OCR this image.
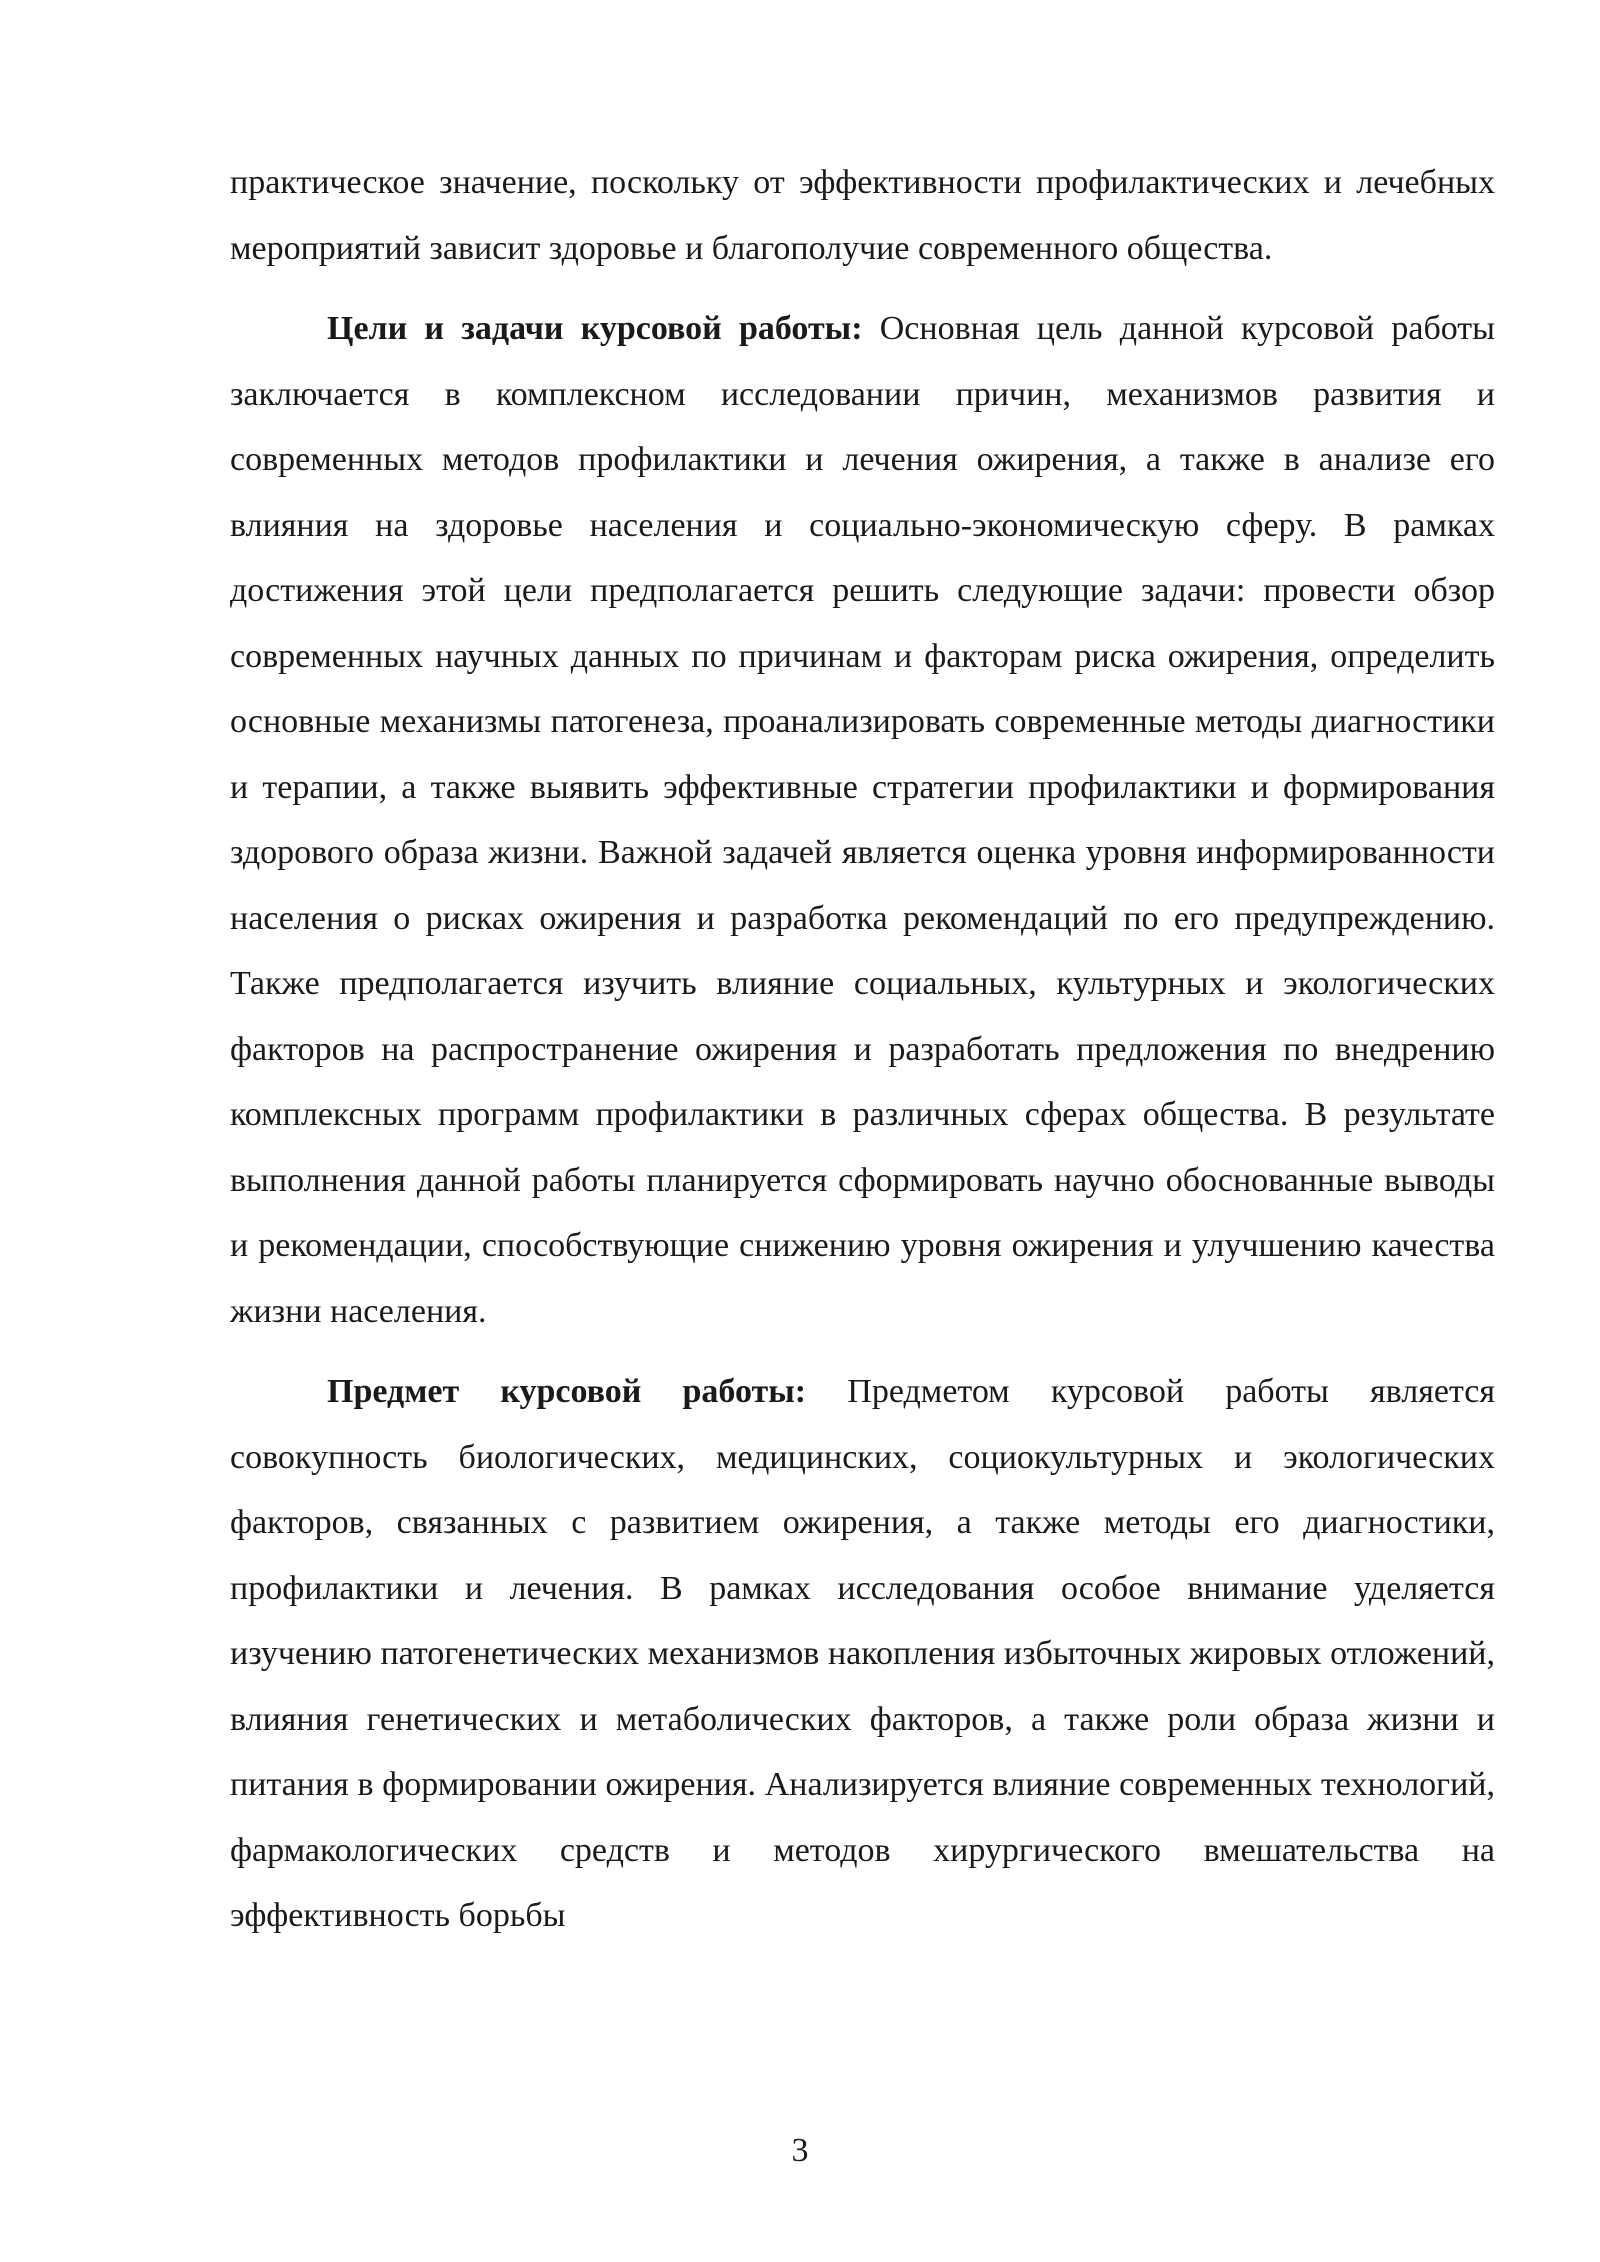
практическое значение, поскольку от эффективности профилактических и лечебных мероприятий зависит здоровье и благополучие современного общества.

Цели и задачи курсовой работы: Основная цель данной курсовой работы заключается в комплексном исследовании причин, механизмов развития и современных методов профилактики и лечения ожирения, а также в анализе его влияния на здоровье населения и социально-экономическую сферу. В рамках достижения этой цели предполагается решить следующие задачи: провести обзор современных научных данных по причинам и факторам риска ожирения, определить основные механизмы патогенеза, проанализировать современные методы диагностики и терапии, а также выявить эффективные стратегии профилактики и формирования здорового образа жизни. Важной задачей является оценка уровня информированности населения о рисках ожирения и разработка рекомендаций по его предупреждению. Также предполагается изучить влияние социальных, культурных и экологических факторов на распространение ожирения и разработать предложения по внедрению комплексных программ профилактики в различных сферах общества. В результате выполнения данной работы планируется сформировать научно обоснованные выводы и рекомендации, способствующие снижению уровня ожирения и улучшению качества жизни населения.

Предмет курсовой работы: Предметом курсовой работы является совокупность биологических, медицинских, социокультурных и экологических факторов, связанных с развитием ожирения, а также методы его диагностики, профилактики и лечения. В рамках исследования особое внимание уделяется изучению патогенетических механизмов накопления избыточных жировых отложений, влияния генетических и метаболических факторов, а также роли образа жизни и питания в формировании ожирения. Анализируется влияние современных технологий, фармакологических средств и методов хирургического вмешательства на эффективность борьбы

3
